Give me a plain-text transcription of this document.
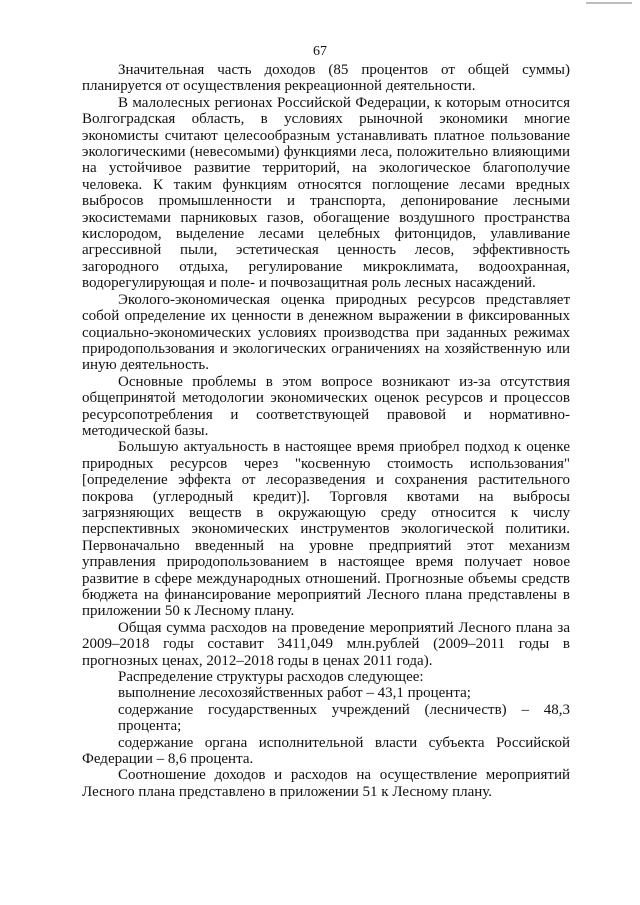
67

Значительная часть доходов (85 процентов от общей суммы) планируется от осуществления рекреационной деятельности.

В малолесных регионах Российской Федерации, к которым относится Волгоградская область, в условиях рыночной экономики многие экономисты считают целесообразным устанавливать платное пользование экологическими (невесомыми) функциями леса, положительно влияющими на устойчивое развитие территорий, на экологическое благополучие человека. К таким функциям относятся поглощение лесами вредных выбросов промышленности и транспорта, депонирование лесными экосистемами парниковых газов, обогащение воздушного пространства кислородом, выделение лесами целебных фитонцидов, улавливание агрессивной пыли, эстетическая ценность лесов, эффективность загородного отдыха, регулирование микроклимата, водоохранная, водорегулирующая и поле- и почвозащитная роль лесных насаждений.

Эколого-экономическая оценка природных ресурсов представляет собой определение их ценности в денежном выражении в фиксированных социально-экономических условиях производства при заданных режимах природопользования и экологических ограничениях на хозяйственную или иную деятельность.

Основные проблемы в этом вопросе возникают из-за отсутствия общепринятой методологии экономических оценок ресурсов и процессов ресурсопотребления и соответствующей правовой и нормативно-методической базы.

Большую актуальность в настоящее время приобрел подход к оценке природных ресурсов через "косвенную стоимость использования" [определение эффекта от лесоразведения и сохранения растительного покрова (углеродный кредит)]. Торговля квотами на выбросы загрязняющих веществ в окружающую среду относится к числу перспективных экономических инструментов экологической политики. Первоначально введенный на уровне предприятий этот механизм управления природопользованием в настоящее время получает новое развитие в сфере международных отношений. Прогнозные объемы средств бюджета на финансирование мероприятий Лесного плана представлены в приложении 50 к Лесному плану.

Общая сумма расходов на проведение мероприятий Лесного плана за 2009–2018 годы составит 3411,049 млн.рублей (2009–2011 годы в прогнозных ценах, 2012–2018 годы в ценах 2011 года).

Распределение структуры расходов следующее:

выполнение лесохозяйственных работ – 43,1 процента;

содержание государственных учреждений (лесничеств) – 48,3 процента;

содержание органа исполнительной власти субъекта Российской Федерации – 8,6 процента.

Соотношение доходов и расходов на осуществление мероприятий Лесного плана представлено в приложении 51 к Лесному плану.
